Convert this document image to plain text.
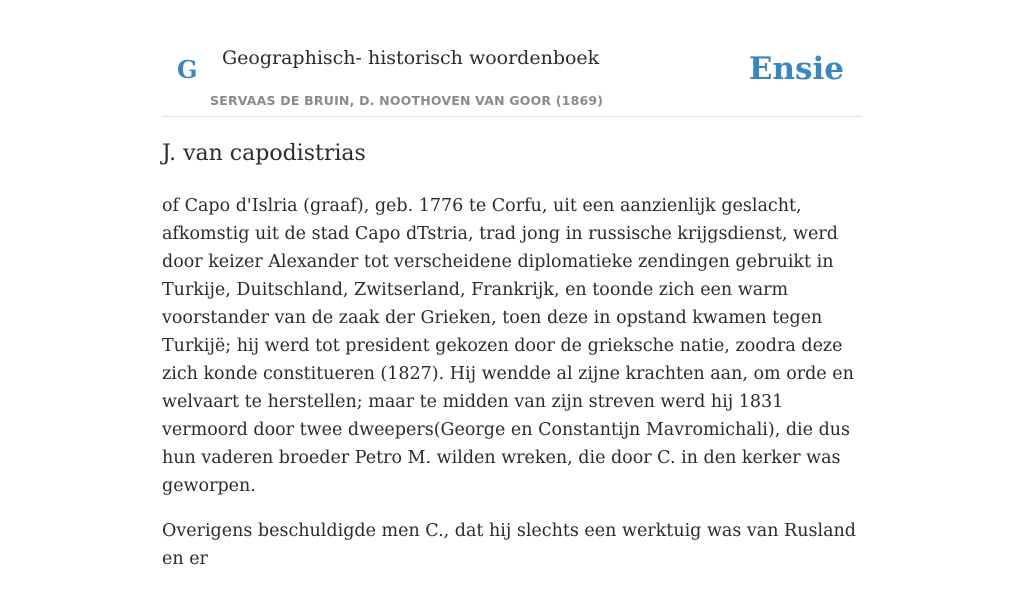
G Geographisch- historisch woordenboek
SERVAAS DE BRUIN, D. NOOTHOVEN VAN GOOR (1869)
Ensie
J. van capodistrias

of Capo d'Islria (graaf), geb. 1776 te Corfu, uit een aanzienlijk geslacht, afkomstig uit de stad Capo dTstria, trad jong in russische krijgsdienst, werd door keizer Alexander tot verscheidene diplomatieke zendingen gebruikt in Turkije, Duitschland, Zwitserland, Frankrijk, en toonde zich een warm voorstander van de zaak der Grieken, toen deze in opstand kwamen tegen Turkijë; hij werd tot president gekozen door de grieksche natie, zoodra deze zich konde constitueren (1827). Hij wendde al zijne krachten aan, om orde en welvaart te herstellen; maar te midden van zijn streven werd hij 1831 vermoord door twee dweepers(George en Constantijn Mavromichali), die dus hun vaderen broeder Petro M. wilden wreken, die door C. in den kerker was geworpen.

Overigens beschuldigde men C., dat hij slechts een werktuig was van Rusland en er
